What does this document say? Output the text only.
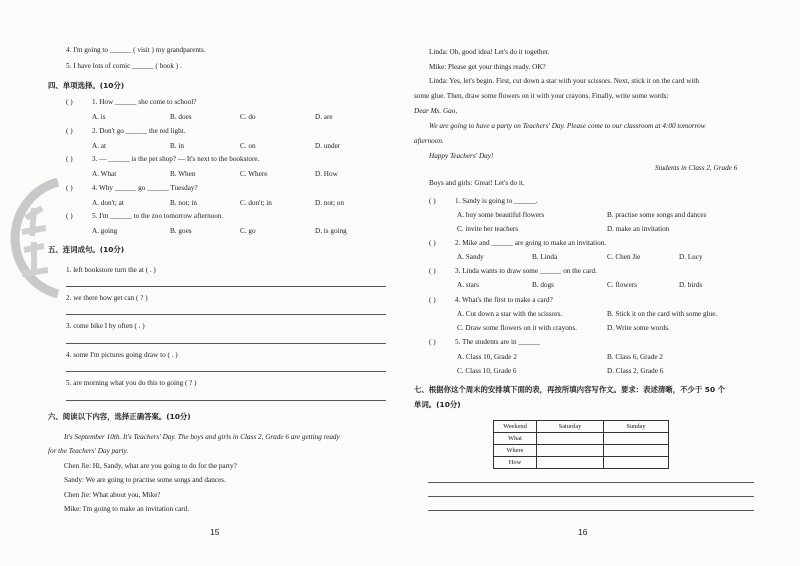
4. I'm going to ______ ( visit ) my grandparents.
5. I have lots of comic ______ ( book ) .
四、单项选择。(10分)
( )	1. How ______ she come to school?
A. is	B. does	C. do	D. are
( )	2. Don't go ______ the red light.
A. at	B. in	C. on	D. under
( )	3. — ______ is the pet shop? — It's next to the bookstore.
A. What	B. When	C. Where	D. How
( )	4. Why ______ go ______ Tuesday?
A. don't; at	B. not; in	C. don't; in	D. not; on
( )	5. I'm ______ to the zoo tomorrow afternoon.
A. going	B. goes	C. go	D. is going
五、连词成句。(10分)
1. left bookstore turn the at ( . )
2. we there how get can ( ? )
3. come bike I by often ( . )
4. some I'm pictures going draw to ( . )
5. are morning what you do this to going ( ? )
六、阅读以下内容，选择正确答案。(10分)
It's September 10th. It's Teachers' Day. The boys and girls in Class 2, Grade 6 are getting ready
for the Teachers' Day party.
Chen Jie: Hi, Sandy, what are you going to do for the party?
Sandy: We are going to practise some songs and dances.
Chen Jie: What about you, Mike?
Mike: I'm going to make an invitation card.
15
Linda: Oh, good idea! Let's do it together.
Mike: Please get your things ready. OK?
Linda: Yes, let's begin. First, cut down a star with your scissors. Next, stick it on the card with
some glue. Then, draw some flowers on it with your crayons. Finally, write some words:
Dear Ms. Gao,
We are going to have a party on Teachers' Day. Please come to our classroom at 4:00 tomorrow
afternoon.
Happy Teachers' Day!
Students in Class 2, Grade 6
Boys and girls: Great! Let's do it.
( )	1. Sandy is going to ______.
A. buy some beautiful flowers	B. practise some songs and dances
C. invite her teachers	D. make an invitation
( )	2. Mike and ______ are going to make an invitation.
A. Sandy	B. Linda	C. Chen Jie	D. Lucy
( )	3. Linda wants to draw some ______ on the card.
A. stars	B. dogs	C. flowers	D. birds
( )	4. What's the first to make a card?
A. Cut down a star with the scissors.	B. Stick it on the card with some glue.
C. Draw some flowers on it with crayons.	D. Write some words.
( )	5. The students are in ______
A. Class 10, Grade 2	B. Class 6, Grade 2
C. Class 10, Grade 6	D. Class 2, Grade 6
七、根据你这个周末的安排填下面的表，再按所填内容写作文。要求：表述清晰，不少于 50 个
单词。(10分)
Weekend	Saturday	Sunday
What		
Where		
How		
16
